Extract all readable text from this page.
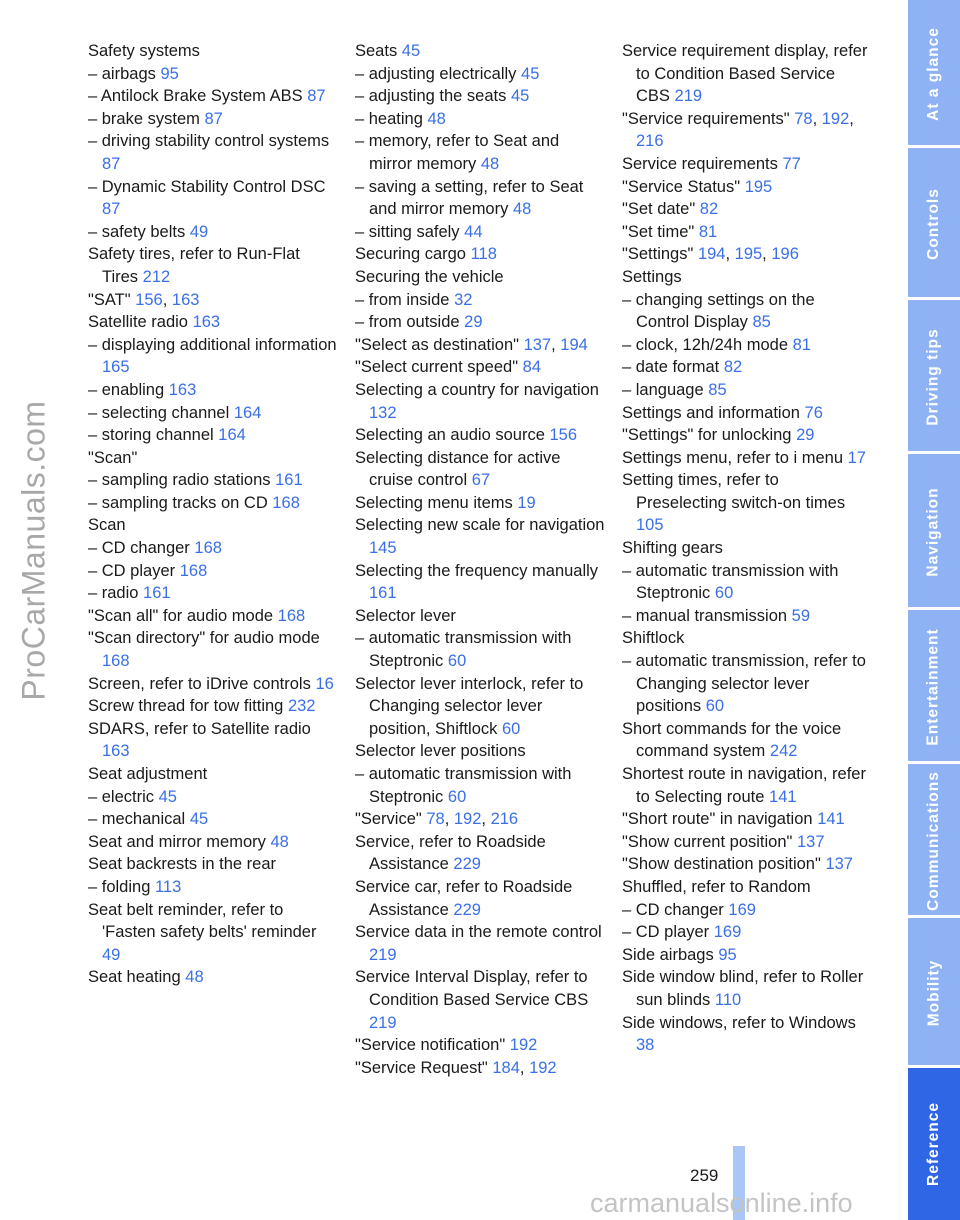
ProCarManuals.com
Safety systems
– airbags 95
– Antilock Brake System ABS 87
– brake system 87
– driving stability control systems 87
– Dynamic Stability Control DSC 87
– safety belts 49
Safety tires, refer to Run-Flat Tires 212
"SAT" 156, 163
Satellite radio 163
– displaying additional information 165
– enabling 163
– selecting channel 164
– storing channel 164
"Scan"
– sampling radio stations 161
– sampling tracks on CD 168
Scan
– CD changer 168
– CD player 168
– radio 161
"Scan all" for audio mode 168
"Scan directory" for audio mode 168
Screen, refer to iDrive controls 16
Screw thread for tow fitting 232
SDARS, refer to Satellite radio 163
Seat adjustment
– electric 45
– mechanical 45
Seat and mirror memory 48
Seat backrests in the rear
– folding 113
Seat belt reminder, refer to 'Fasten safety belts' reminder 49
Seat heating 48
Seats 45
– adjusting electrically 45
– adjusting the seats 45
– heating 48
– memory, refer to Seat and mirror memory 48
– saving a setting, refer to Seat and mirror memory 48
– sitting safely 44
Securing cargo 118
Securing the vehicle
– from inside 32
– from outside 29
"Select as destination" 137, 194
"Select current speed" 84
Selecting a country for navigation 132
Selecting an audio source 156
Selecting distance for active cruise control 67
Selecting menu items 19
Selecting new scale for navigation 145
Selecting the frequency manually 161
Selector lever
– automatic transmission with Steptronic 60
Selector lever interlock, refer to Changing selector lever position, Shiftlock 60
Selector lever positions
– automatic transmission with Steptronic 60
"Service" 78, 192, 216
Service, refer to Roadside Assistance 229
Service car, refer to Roadside Assistance 229
Service data in the remote control 219
Service Interval Display, refer to Condition Based Service CBS 219
"Service notification" 192
"Service Request" 184, 192
Service requirement display, refer to Condition Based Service CBS 219
"Service requirements" 78, 192, 216
Service requirements 77
"Service Status" 195
"Set date" 82
"Set time" 81
"Settings" 194, 195, 196
Settings
– changing settings on the Control Display 85
– clock, 12h/24h mode 81
– date format 82
– language 85
Settings and information 76
"Settings" for unlocking 29
Settings menu, refer to i menu 17
Setting times, refer to Preselecting switch-on times 105
Shifting gears
– automatic transmission with Steptronic 60
– manual transmission 59
Shiftlock
– automatic transmission, refer to Changing selector lever positions 60
Short commands for the voice command system 242
Shortest route in navigation, refer to Selecting route 141
"Short route" in navigation 141
"Show current position" 137
"Show destination position" 137
Shuffled, refer to Random
– CD changer 169
– CD player 169
Side airbags 95
Side window blind, refer to Roller sun blinds 110
Side windows, refer to Windows 38
At a glance
Controls
Driving tips
Navigation
Entertainment
Communications
Mobility
Reference
259
carmanualsonline.info
